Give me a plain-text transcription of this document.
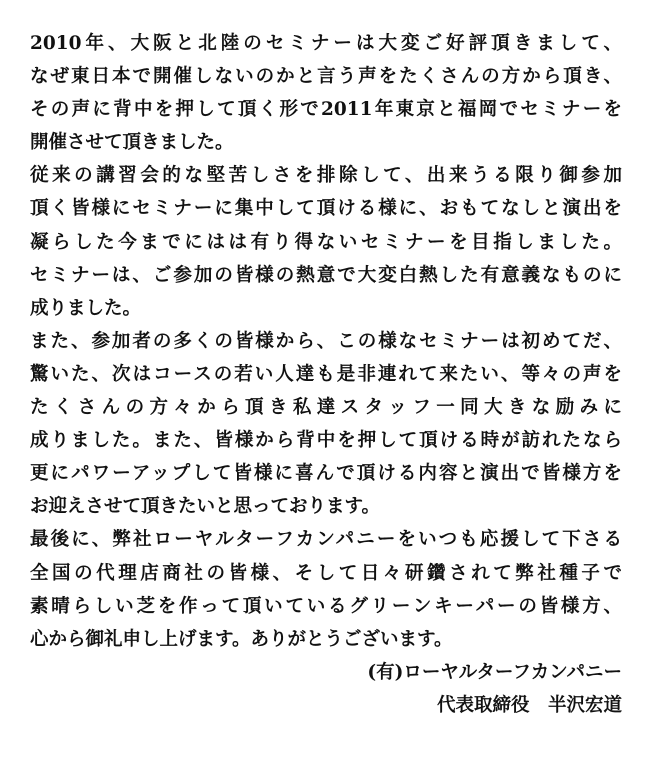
2010年、大阪と北陸のセミナーは大変ご好評頂きまして、
なぜ東日本で開催しないのかと言う声をたくさんの方から頂き、
その声に背中を押して頂く形で2011年東京と福岡でセミナーを
開催させて頂きました。
従来の講習会的な堅苦しさを排除して、出来うる限り御参加
頂く皆様にセミナーに集中して頂ける様に、おもてなしと演出を
凝らした今までにはは有り得ないセミナーを目指しました。
セミナーは、ご参加の皆様の熱意で大変白熱した有意義なものに
成りました。
また、参加者の多くの皆様から、この様なセミナーは初めてだ、
驚いた、次はコースの若い人達も是非連れて来たい、等々の声を
たくさんの方々から頂き私達スタッフ一同大きな励みに
成りました。また、皆様から背中を押して頂ける時が訪れたなら
更にパワーアップして皆様に喜んで頂ける内容と演出で皆様方を
お迎えさせて頂きたいと思っております。
最後に、弊社ローヤルターフカンパニーをいつも応援して下さる
全国の代理店商社の皆様、そして日々研鑽されて弊社種子で
素晴らしい芝を作って頂いているグリーンキーパーの皆様方、
心から御礼申し上げます。ありがとうございます。
(有)ローヤルターフカンパニー
代表取締役　半沢宏道
